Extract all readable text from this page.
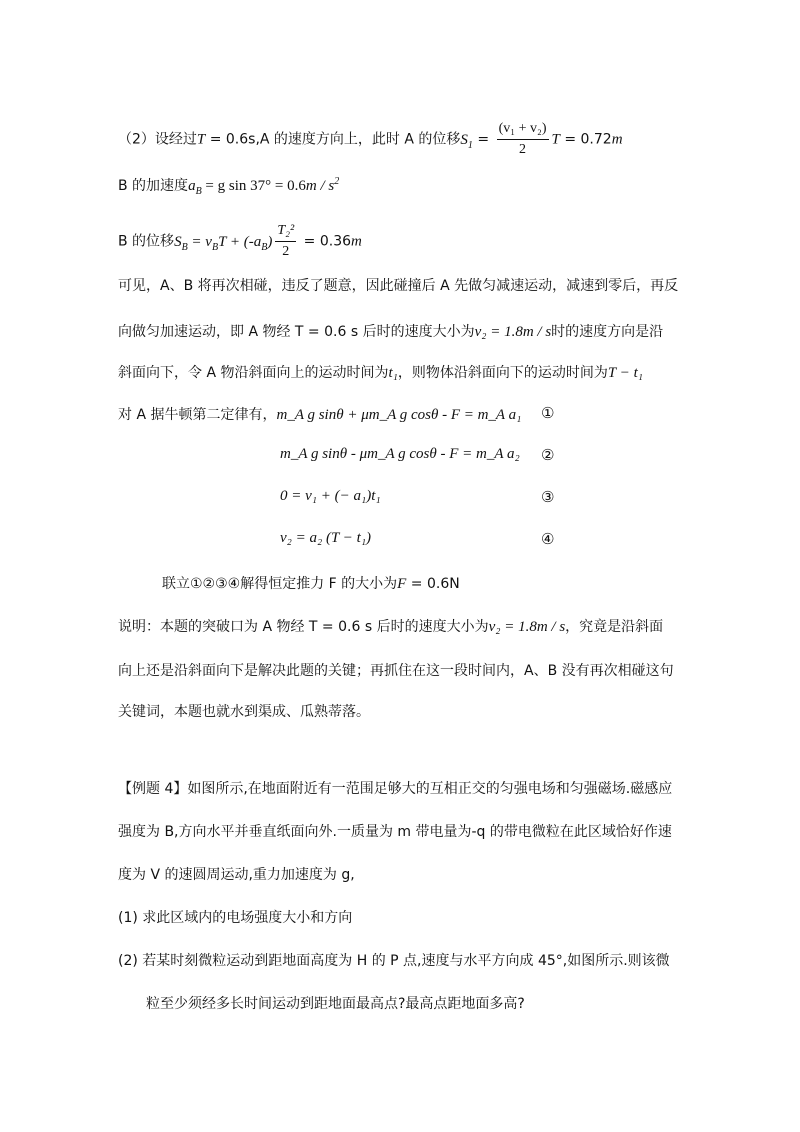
（2）设经过T = 0.6s,A 的速度方向上，此时 A 的位移$S_1 = \frac{\text{(v₁ + v₂)}}{2}$ T = 0.72m
B 的加速度$a_B = g$ $\sin 37^\circ = 0.6m / s^2$
B 的位移$S_B = v_BT + (-a_B) \frac{\text{T₂²}}{2} = 0.36m$
可见，A、B 将再次相碰，违反了题意，因此碰撞后 A 先做匀减速运动，减速到零后，再反
向做匀加速运动，即 A 物经 T = 0.6 s 后时的速度大小为v₂ = 1.8m / s时的速度方向是沿
斜面向下，令 A 物沿斜面向上的运动时间为t₁，则物体沿斜面向下的运动时间为T − t₁
对 A 据牛顿第二定律有，m_A g sinθ + μm_A g cosθ - F = m_A a₁ ①
m_A g sinθ - μm_A g cosθ - F = m_A a₂ ②
0 = v₁ + (− a₁)t₁	③
v₂ = a₂ (T − t₁)	④
联立①②③④解得恒定推力 F 的大小为F = 0.6N
说明：本题的突破口为 A 物经 T = 0.6 s 后时的速度大小为v₂ = 1.8m / s，究竟是沿斜面
向上还是沿斜面向下是解决此题的关键；再抓住在这一段时间内，A、B 没有再次相碰这句
关键词，本题也就水到渠成、瓜熟蒂落。
【例题 4】如图所示,在地面附近有一范围足够大的互相正交的匀强电场和匀强磁场.磁感应
强度为 B,方向水平并垂直纸面向外.一质量为 m 带电量为-q 的带电微粒在此区域恰好作速
度为 V 的速圆周运动,重力加速度为 g,
(1) 求此区域内的电场强度大小和方向
(2) 若某时刻微粒运动到距地面高度为 H 的 P 点,速度与水平方向成 45°,如图所示.则该微
粒至少须经多长时间运动到距地面最高点?最高点距地面多高?
